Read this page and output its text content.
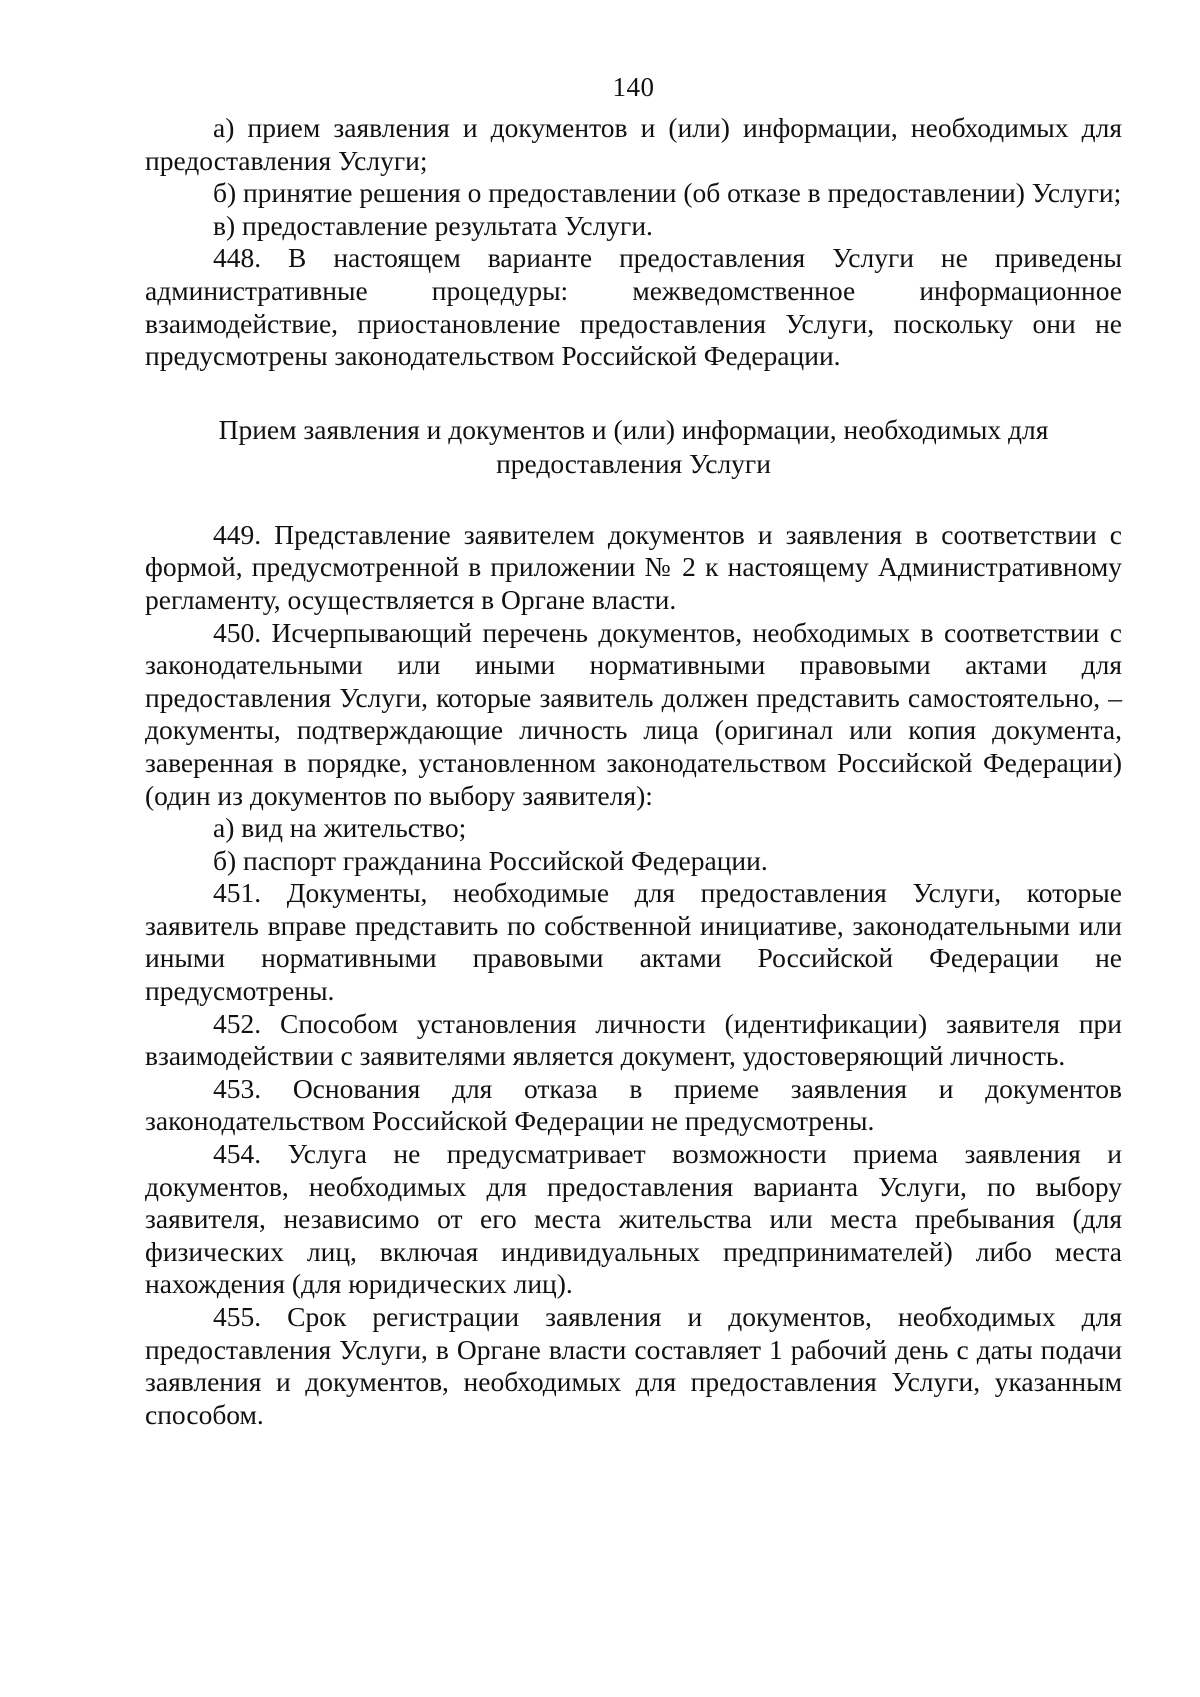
140

а) прием заявления и документов и (или) информации, необходимых для предоставления Услуги;

б) принятие решения о предоставлении (об отказе в предоставлении) Услуги;

в) предоставление результата Услуги.

448. В настоящем варианте предоставления Услуги не приведены административные процедуры: межведомственное информационное взаимодействие, приостановление предоставления Услуги, поскольку они не предусмотрены законодательством Российской Федерации.

Прием заявления и документов и (или) информации, необходимых для предоставления Услуги

449. Представление заявителем документов и заявления в соответствии с формой, предусмотренной в приложении № 2 к настоящему Административному регламенту, осуществляется в Органе власти.

450. Исчерпывающий перечень документов, необходимых в соответствии с законодательными или иными нормативными правовыми актами для предоставления Услуги, которые заявитель должен представить самостоятельно, – документы, подтверждающие личность лица (оригинал или копия документа, заверенная в порядке, установленном законодательством Российской Федерации) (один из документов по выбору заявителя):

а) вид на жительство;

б) паспорт гражданина Российской Федерации.

451. Документы, необходимые для предоставления Услуги, которые заявитель вправе представить по собственной инициативе, законодательными или иными нормативными правовыми актами Российской Федерации не предусмотрены.

452. Способом установления личности (идентификации) заявителя при взаимодействии с заявителями является документ, удостоверяющий личность.

453. Основания для отказа в приеме заявления и документов законодательством Российской Федерации не предусмотрены.

454. Услуга не предусматривает возможности приема заявления и документов, необходимых для предоставления варианта Услуги, по выбору заявителя, независимо от его места жительства или места пребывания (для физических лиц, включая индивидуальных предпринимателей) либо места нахождения (для юридических лиц).

455. Срок регистрации заявления и документов, необходимых для предоставления Услуги, в Органе власти составляет 1 рабочий день с даты подачи заявления и документов, необходимых для предоставления Услуги, указанным способом.
